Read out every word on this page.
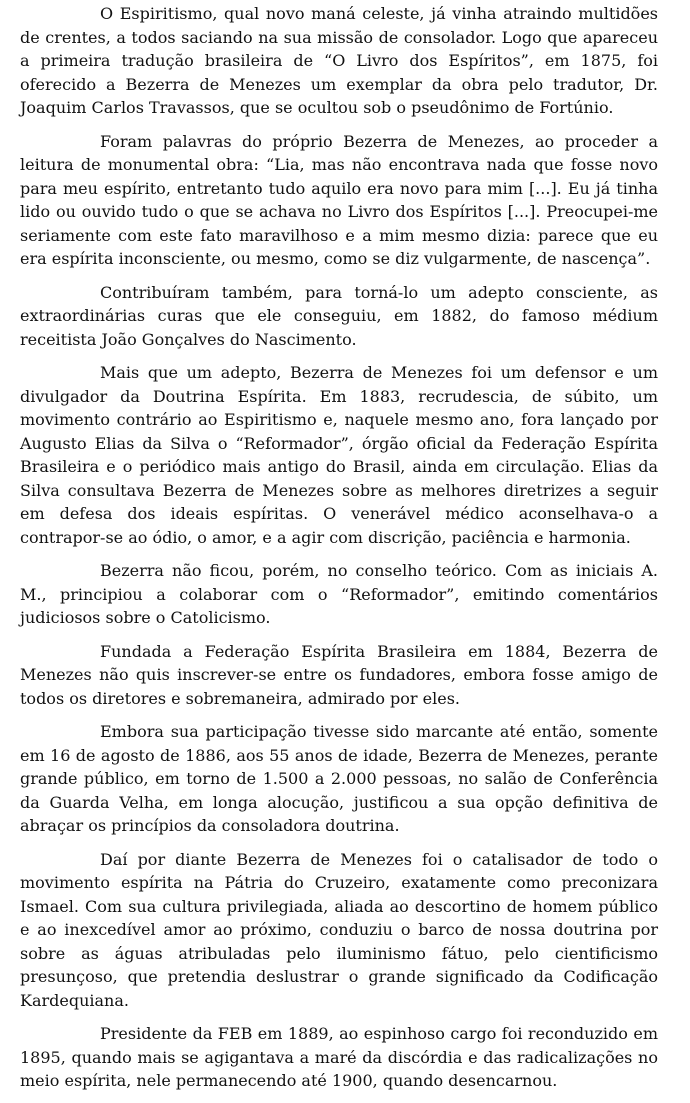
O Espiritismo, qual novo maná celeste, já vinha atraindo multidões de crentes, a todos saciando na sua missão de consolador. Logo que apareceu a primeira tradução brasileira de “O Livro dos Espíritos”, em 1875, foi oferecido a Bezerra de Menezes um exemplar da obra pelo tradutor, Dr. Joaquim Carlos Travassos, que se ocultou sob o pseudônimo de Fortúnio.

Foram palavras do próprio Bezerra de Menezes, ao proceder a leitura de monumental obra: “Lia, mas não encontrava nada que fosse novo para meu espírito, entretanto tudo aquilo era novo para mim [...]. Eu já tinha lido ou ouvido tudo o que se achava no Livro dos Espíritos [...]. Preocupei-me seriamente com este fato maravilhoso e a mim mesmo dizia: parece que eu era espírita inconsciente, ou mesmo, como se diz vulgarmente, de nascença”.

Contribuíram também, para torná-lo um adepto consciente, as extraordinárias curas que ele conseguiu, em 1882, do famoso médium receitista João Gonçalves do Nascimento.

Mais que um adepto, Bezerra de Menezes foi um defensor e um divulgador da Doutrina Espírita. Em 1883, recrudescia, de súbito, um movimento contrário ao Espiritismo e, naquele mesmo ano, fora lançado por Augusto Elias da Silva o “Reformador”, órgão oficial da Federação Espírita Brasileira e o periódico mais antigo do Brasil, ainda em circulação. Elias da Silva consultava Bezerra de Menezes sobre as melhores diretrizes a seguir em defesa dos ideais espíritas. O venerável médico aconselhava-o a contrapor-se ao ódio, o amor, e a agir com discrição, paciência e harmonia.

Bezerra não ficou, porém, no conselho teórico. Com as iniciais A. M., principiou a colaborar com o “Reformador”, emitindo comentários judiciosos sobre o Catolicismo.

Fundada a Federação Espírita Brasileira em 1884, Bezerra de Menezes não quis inscrever-se entre os fundadores, embora fosse amigo de todos os diretores e sobremaneira, admirado por eles.

Embora sua participação tivesse sido marcante até então, somente em 16 de agosto de 1886, aos 55 anos de idade, Bezerra de Menezes, perante grande público, em torno de 1.500 a 2.000 pessoas, no salão de Conferência da Guarda Velha, em longa alocução, justificou a sua opção definitiva de abraçar os princípios da consoladora doutrina.

Daí por diante Bezerra de Menezes foi o catalisador de todo o movimento espírita na Pátria do Cruzeiro, exatamente como preconizara Ismael. Com sua cultura privilegiada, aliada ao descortino de homem público e ao inexcedível amor ao próximo, conduziu o barco de nossa doutrina por sobre as águas atribuladas pelo iluminismo fátuo, pelo cientificismo presunçoso, que pretendia deslustrar o grande significado da Codificação Kardequiana.

Presidente da FEB em 1889, ao espinhoso cargo foi reconduzido em 1895, quando mais se agigantava a maré da discórdia e das radicalizações no meio espírita, nele permanecendo até 1900, quando desencarnou.
